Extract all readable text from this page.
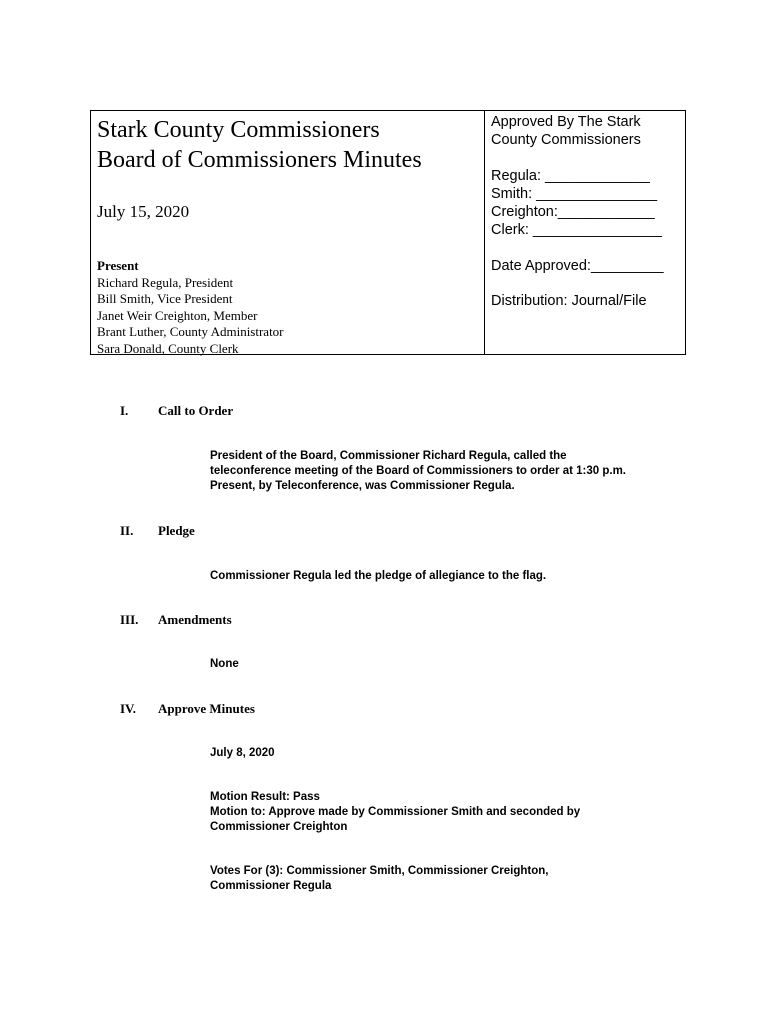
Stark County Commissioners
Board of Commissioners Minutes
July 15, 2020
Present
Richard Regula, President
Bill Smith, Vice President
Janet Weir Creighton, Member
Brant Luther, County Administrator
Sara Donald, County Clerk
Approved By The Stark
County Commissioners
Regula: _____________
Smith: _______________
Creighton:____________
Clerk: ________________
Date Approved:_________
Distribution: Journal/File
I. Call to Order
President of the Board, Commissioner Richard Regula, called the
teleconference meeting of the Board of Commissioners to order at 1:30 p.m.
Present, by Teleconference, was Commissioner Regula.
II. Pledge
Commissioner Regula led the pledge of allegiance to the flag.
III. Amendments
None
IV. Approve Minutes
July 8, 2020
Motion Result: Pass
Motion to: Approve made by Commissioner Smith and seconded by
Commissioner Creighton
Votes For (3): Commissioner Smith, Commissioner Creighton,
Commissioner Regula
